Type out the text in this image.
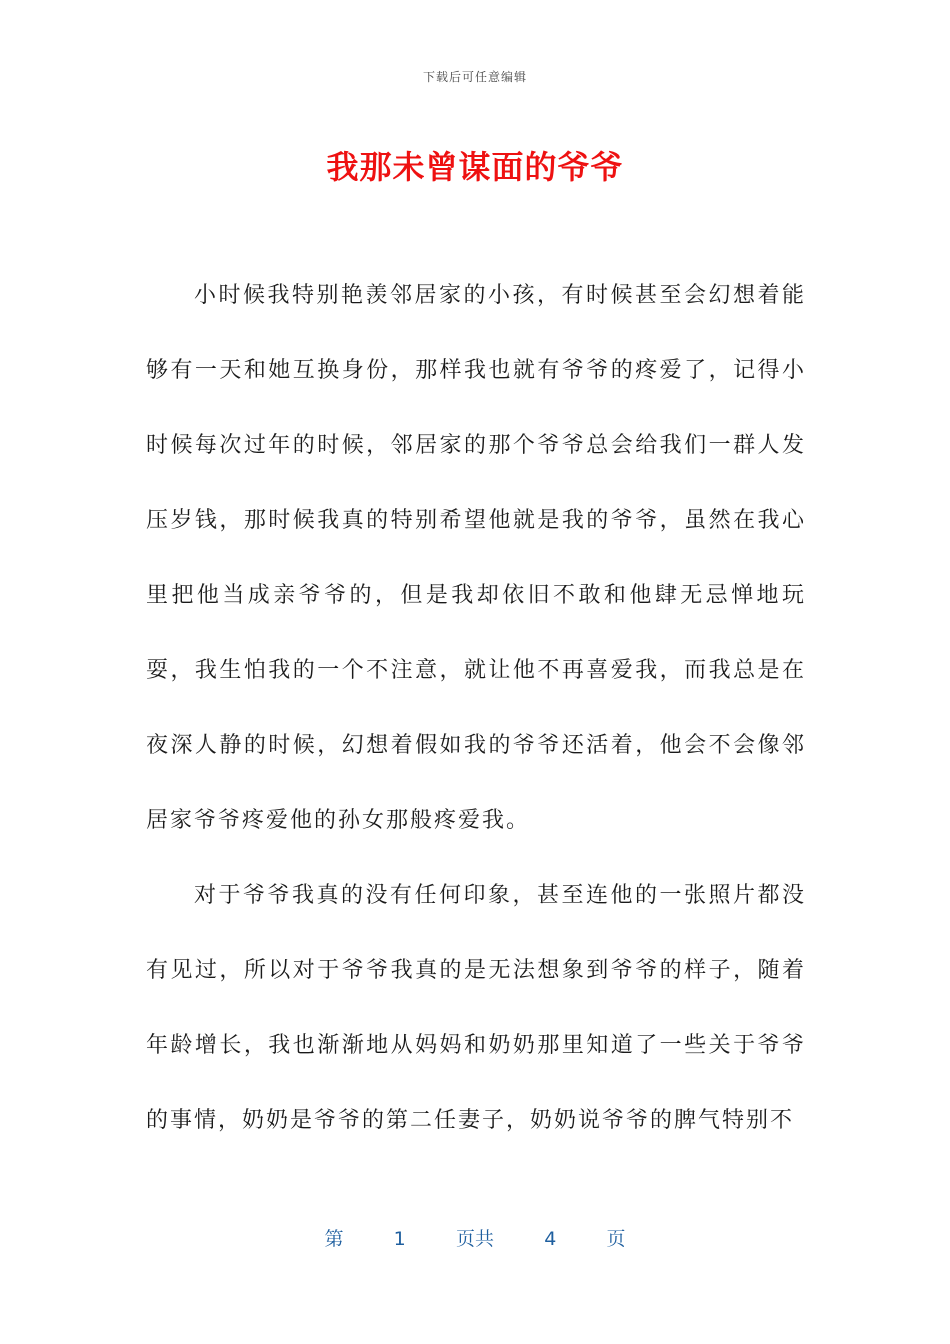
下载后可任意编辑
我那未曾谋面的爷爷

小时候我特别艳羡邻居家的小孩，有时候甚至会幻想着能够有一天和她互换身份，那样我也就有爷爷的疼爱了，记得小时候每次过年的时候，邻居家的那个爷爷总会给我们一群人发压岁钱，那时候我真的特别希望他就是我的爷爷，虽然在我心里把他当成亲爷爷的，但是我却依旧不敢和他肆无忌惮地玩耍，我生怕我的一个不注意，就让他不再喜爱我，而我总是在夜深人静的时候，幻想着假如我的爷爷还活着，他会不会像邻居家爷爷疼爱他的孙女那般疼爱我。

对于爷爷我真的没有任何印象，甚至连他的一张照片都没有见过，所以对于爷爷我真的是无法想象到爷爷的样子，随着年龄增长，我也渐渐地从妈妈和奶奶那里知道了一些关于爷爷的事情，奶奶是爷爷的第二任妻子，奶奶说爷爷的脾气特别不

第	1	页共	4	页
